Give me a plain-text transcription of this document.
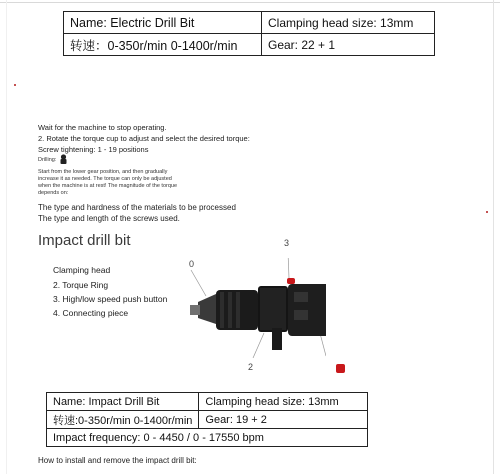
Name: Electric Drill Bit	Clamping head size: 13mm
转速：0-350r/min 0-1400r/min	Gear: 22 + 1
Wait for the machine to stop operating.
2. Rotate the torque cup to adjust and select the desired torque:
Screw tightening: 1 - 19 positions
Drilling:
Start from the lower gear position, and then gradually
increase it as needed. The torque can only be adjusted
when the machine is at rest! The magnitude of the torque
depends on:
The type and hardness of the materials to be processed
The type and length of the screws used.
Impact drill bit
Clamping head
2. Torque Ring
3. High/low speed push button
4. Connecting piece
0
2
3
Name: Impact Drill Bit	Clamping head size: 13mm
转速:0-350r/min 0-1400r/min	Gear: 19 + 2
Impact frequency: 0 - 4450 / 0 - 17550 bpm	
How to install and remove the impact drill bit:
